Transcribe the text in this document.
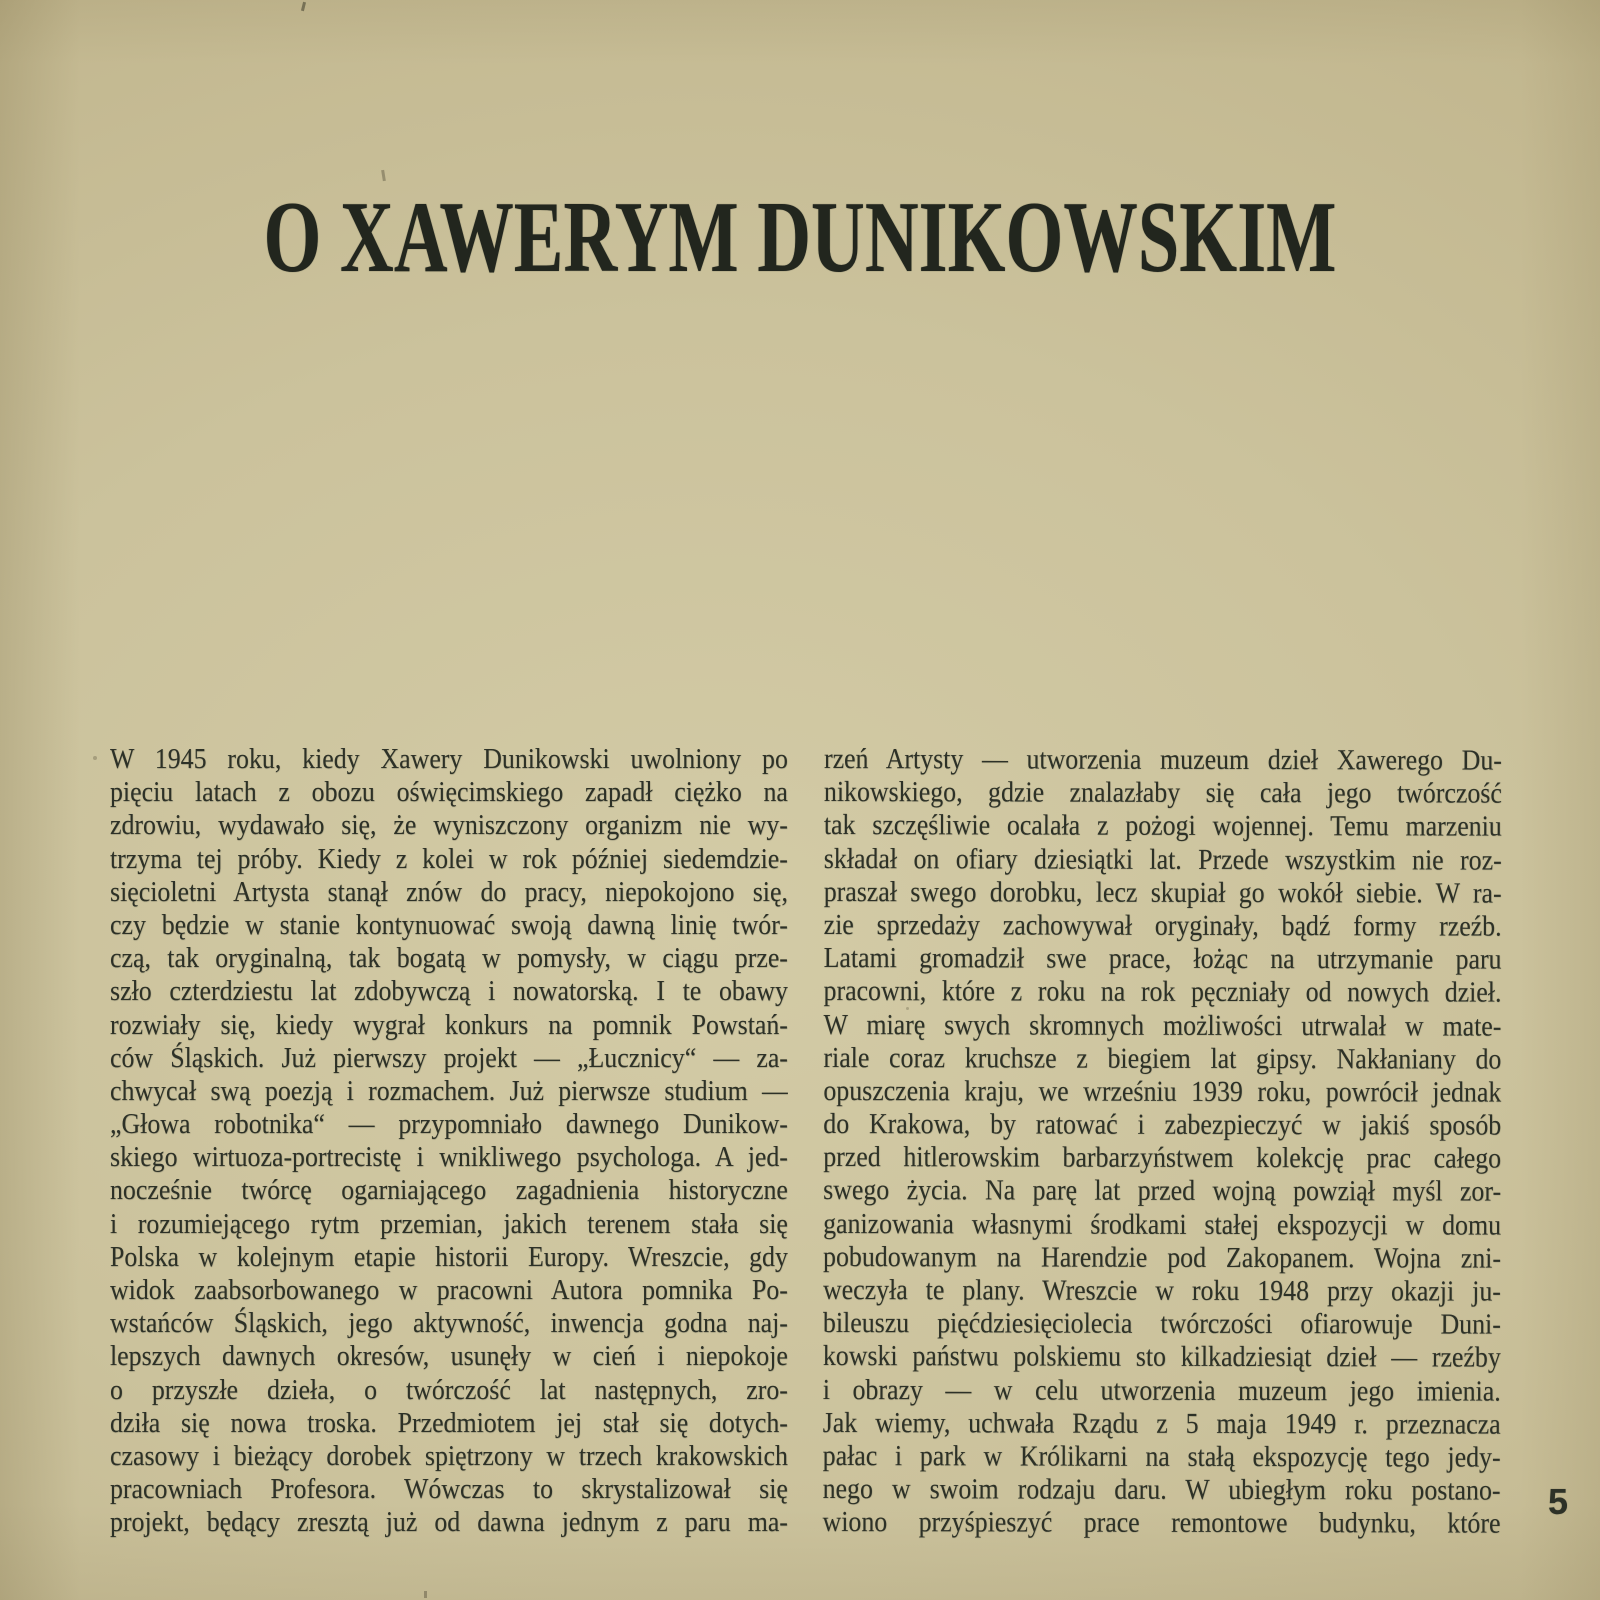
O XAWERYM DUNIKOWSKIM
W 1945 roku, kiedy Xawery Dunikowski uwolniony po
pięciu latach z obozu oświęcimskiego zapadł ciężko na
zdrowiu, wydawało się, że wyniszczony organizm nie wy-
trzyma tej próby. Kiedy z kolei w rok później siedemdzie-
sięcioletni Artysta stanął znów do pracy, niepokojono się,
czy będzie w stanie kontynuować swoją dawną linię twór-
czą, tak oryginalną, tak bogatą w pomysły, w ciągu prze-
szło czterdziestu lat zdobywczą i nowatorską. I te obawy
rozwiały się, kiedy wygrał konkurs na pomnik Powstań-
ców Śląskich. Już pierwszy projekt — „Łucznicy“ — za-
chwycał swą poezją i rozmachem. Już pierwsze studium —
„Głowa robotnika“ — przypomniało dawnego Dunikow-
skiego wirtuoza-portrecistę i wnikliwego psychologa. A jed-
nocześnie twórcę ogarniającego zagadnienia historyczne
i rozumiejącego rytm przemian, jakich terenem stała się
Polska w kolejnym etapie historii Europy. Wreszcie, gdy
widok zaabsorbowanego w pracowni Autora pomnika Po-
wstańców Śląskich, jego aktywność, inwencja godna naj-
lepszych dawnych okresów, usunęły w cień i niepokoje
o przyszłe dzieła, o twórczość lat następnych, zro-
dziła się nowa troska. Przedmiotem jej stał się dotych-
czasowy i bieżący dorobek spiętrzony w trzech krakowskich
pracowniach Profesora. Wówczas to skrystalizował się
projekt, będący zresztą już od dawna jednym z paru ma-
rzeń Artysty — utworzenia muzeum dzieł Xawerego Du-
nikowskiego, gdzie znalazłaby się cała jego twórczość
tak szczęśliwie ocalała z pożogi wojennej. Temu marzeniu
składał on ofiary dziesiątki lat. Przede wszystkim nie roz-
praszał swego dorobku, lecz skupiał go wokół siebie. W ra-
zie sprzedaży zachowywał oryginały, bądź formy rzeźb.
Latami gromadził swe prace, łożąc na utrzymanie paru
pracowni, które z roku na rok pęczniały od nowych dzieł.
W miarę swych skromnych możliwości utrwalał w mate-
riale coraz kruchsze z biegiem lat gipsy. Nakłaniany do
opuszczenia kraju, we wrześniu 1939 roku, powrócił jednak
do Krakowa, by ratować i zabezpieczyć w jakiś sposób
przed hitlerowskim barbarzyństwem kolekcję prac całego
swego życia. Na parę lat przed wojną powziął myśl zor-
ganizowania własnymi środkami stałej ekspozycji w domu
pobudowanym na Harendzie pod Zakopanem. Wojna zni-
weczyła te plany. Wreszcie w roku 1948 przy okazji ju-
bileuszu pięćdziesięciolecia twórczości ofiarowuje Duni-
kowski państwu polskiemu sto kilkadziesiąt dzieł — rzeźby
i obrazy — w celu utworzenia muzeum jego imienia.
Jak wiemy, uchwała Rządu z 5 maja 1949 r. przeznacza
pałac i park w Królikarni na stałą ekspozycję tego jedy-
nego w swoim rodzaju daru. W ubiegłym roku postano-
wiono przyśpieszyć prace remontowe budynku, które
5
